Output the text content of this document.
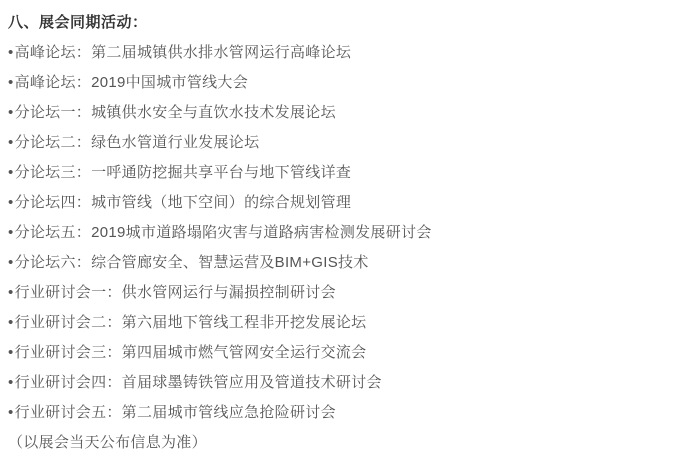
八、展会同期活动：

•高峰论坛：第二届城镇供水排水管网运行高峰论坛

•高峰论坛：2019中国城市管线大会

•分论坛一：城镇供水安全与直饮水技术发展论坛

•分论坛二：绿色水管道行业发展论坛

•分论坛三：一呼通防挖掘共享平台与地下管线详查

•分论坛四：城市管线（地下空间）的综合规划管理

•分论坛五：2019城市道路塌陷灾害与道路病害检测发展研讨会

•分论坛六：综合管廊安全、智慧运营及BIM+GIS技术

•行业研讨会一：供水管网运行与漏损控制研讨会

•行业研讨会二：第六届地下管线工程非开挖发展论坛

•行业研讨会三：第四届城市燃气管网安全运行交流会

•行业研讨会四：首届球墨铸铁管应用及管道技术研讨会

•行业研讨会五：第二届城市管线应急抢险研讨会

（以展会当天公布信息为准）
